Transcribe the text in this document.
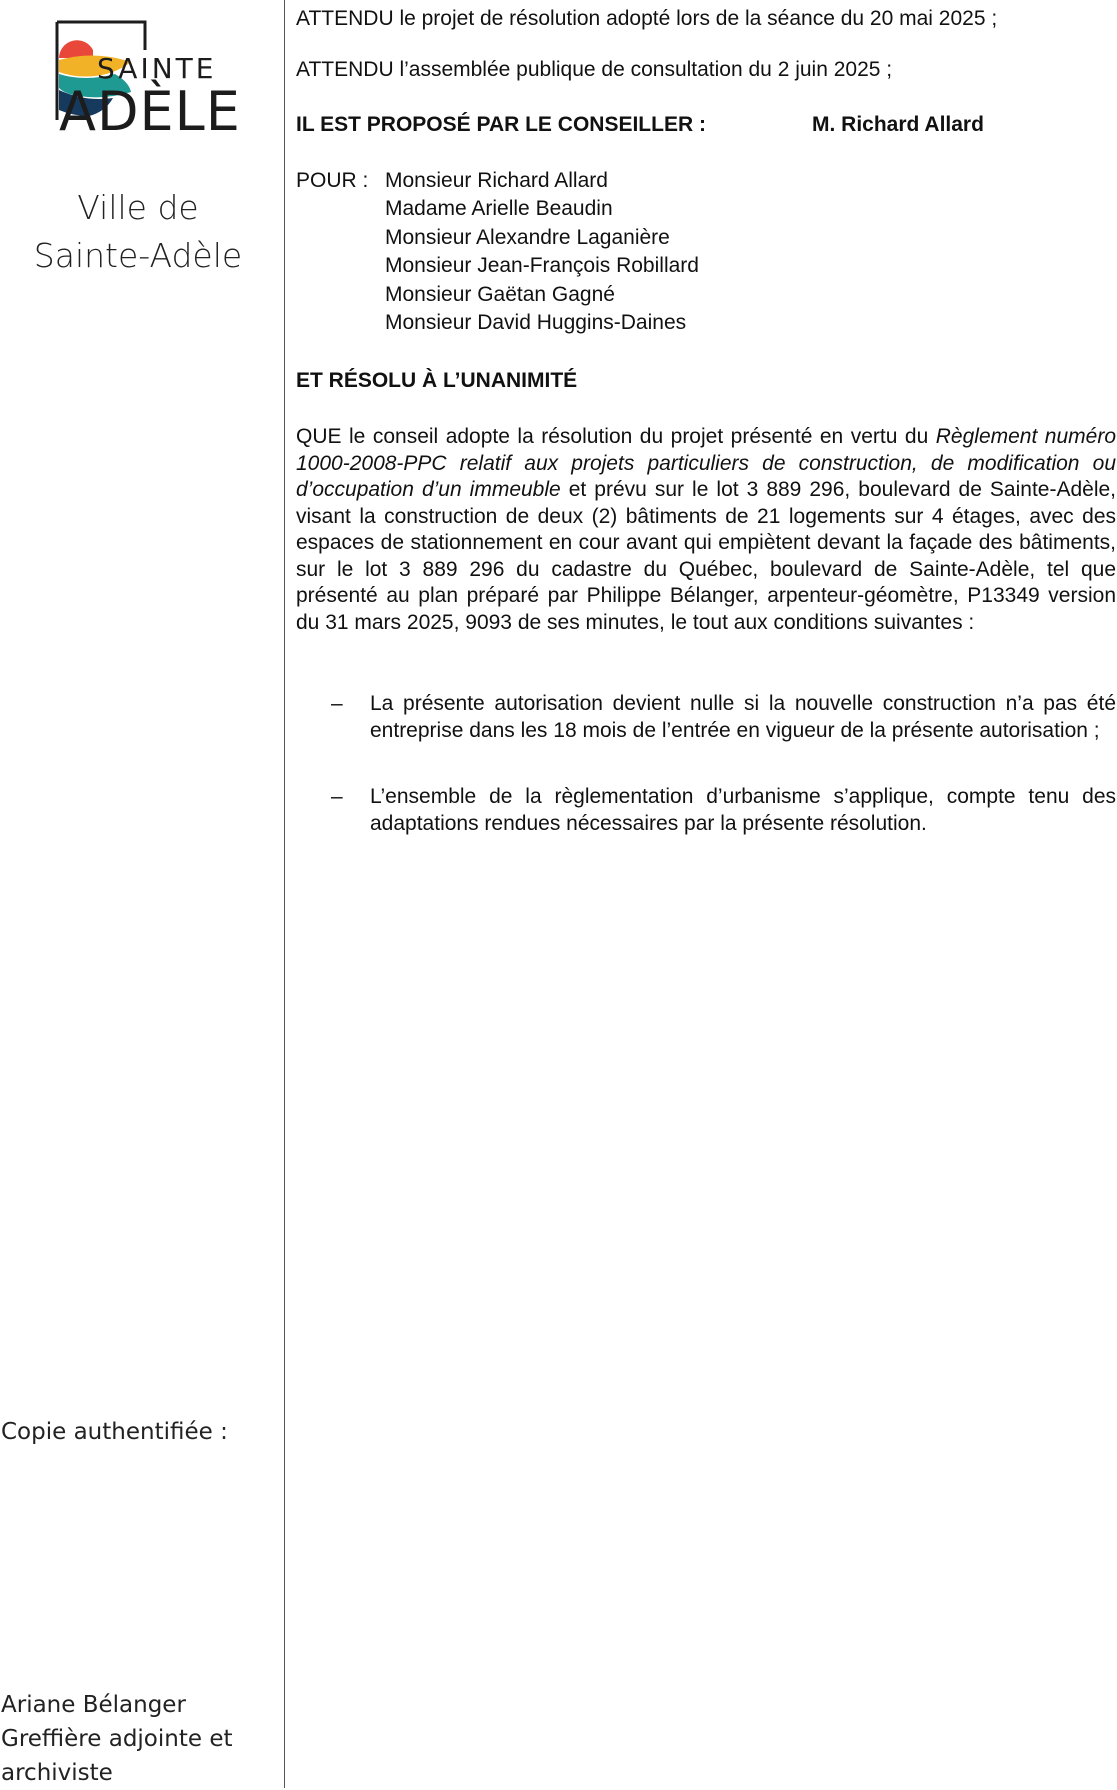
SAINTE
ADÈLE
Ville de
Sainte-Adèle
Copie authentifiée :
Ariane Bélanger
Greffière adjointe et
archiviste

ATTENDU le projet de résolution adopté lors de la séance du 20 mai 2025 ;

ATTENDU l’assemblée publique de consultation du 2 juin 2025 ;

IL EST PROPOSÉ PAR LE CONSEILLER :	M. Richard Allard
POUR : Monsieur Richard Allard
Madame Arielle Beaudin
Monsieur Alexandre Laganière
Monsieur Jean-François Robillard
Monsieur Gaëtan Gagné
Monsieur David Huggins-Daines

ET RÉSOLU À L’UNANIMITÉ

QUE le conseil adopte la résolution du projet présenté en vertu du Règlement numéro 1000-2008-PPC relatif aux projets particuliers de construction, de modification ou d’occupation d’un immeuble et prévu sur le lot 3 889 296, boulevard de Sainte-Adèle, visant la construction de deux (2) bâtiments de 21 logements sur 4 étages, avec des espaces de stationnement en cour avant qui empiètent devant la façade des bâtiments, sur le lot 3 889 296 du cadastre du Québec, boulevard de Sainte-Adèle, tel que présenté au plan préparé par Philippe Bélanger, arpenteur-géomètre, P13349 version du 31 mars 2025, 9093 de ses minutes, le tout aux conditions suivantes :

– La présente autorisation devient nulle si la nouvelle construction n’a pas été entreprise dans les 18 mois de l’entrée en vigueur de la présente autorisation ;
– L’ensemble de la règlementation d’urbanisme s’applique, compte tenu des adaptations rendues nécessaires par la présente résolution.
